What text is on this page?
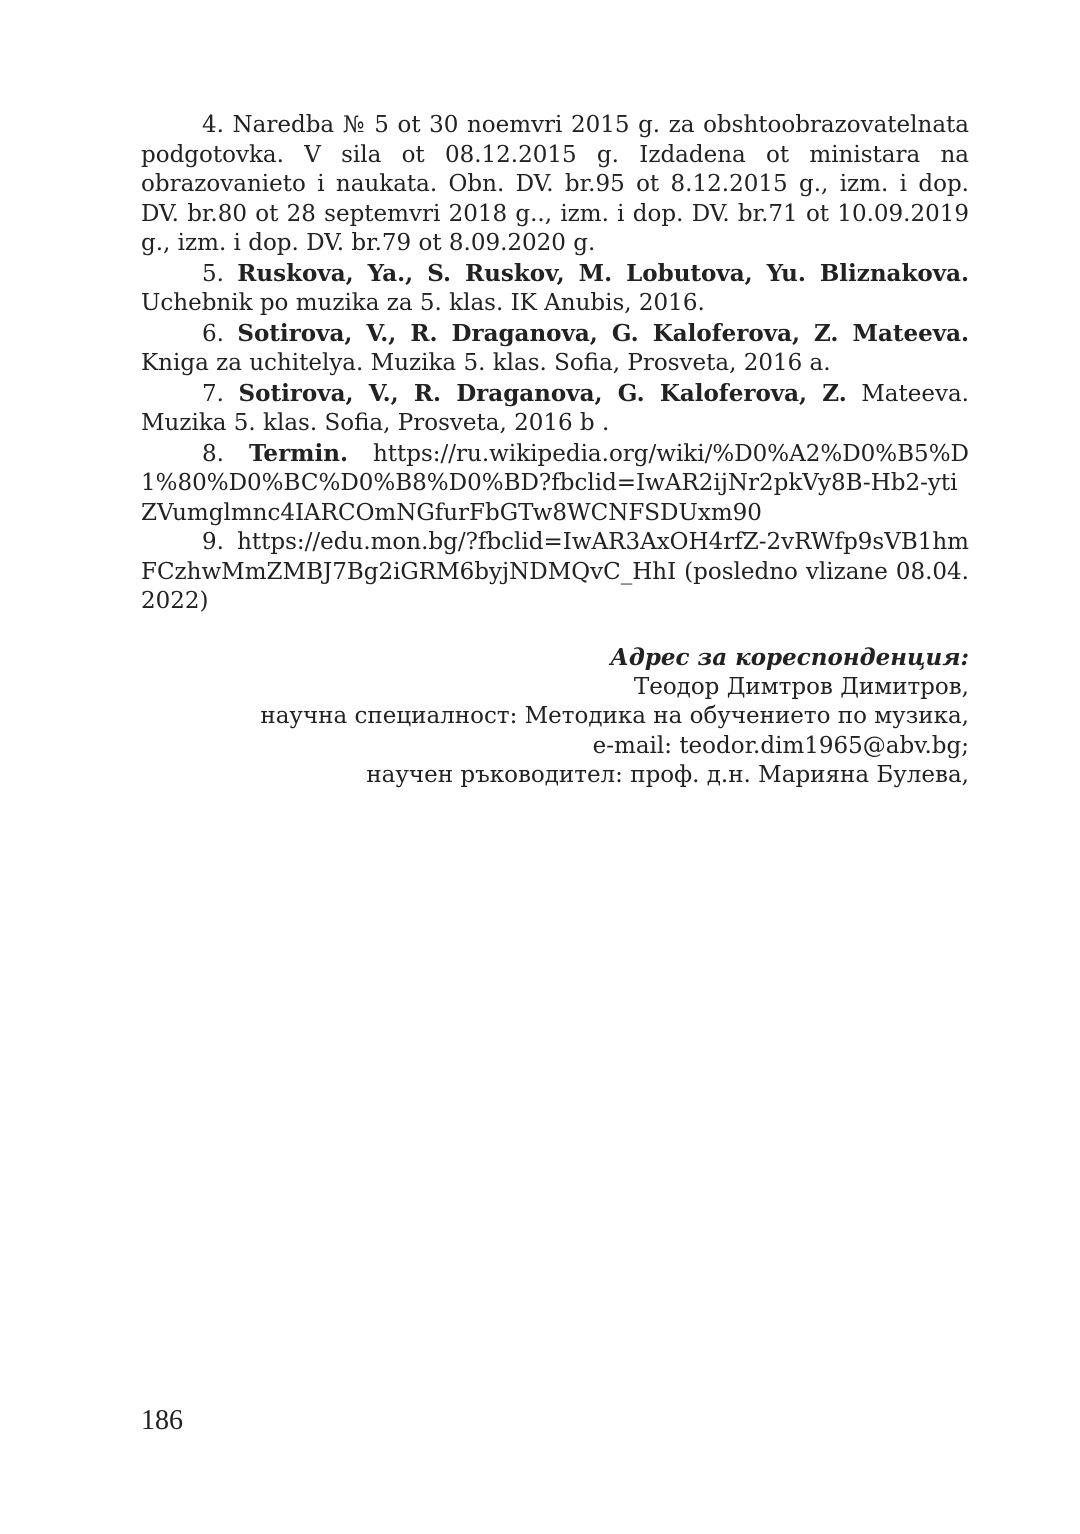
4. Naredba № 5 ot 30 noemvri 2015 g. za obshtoobrazovatelnata podgotovka. V sila ot 08.12.2015 g. Izdadena ot ministara na obrazovanieto i naukata. Obn. DV. br.95 ot 8.12.2015 g., izm. i dop. DV. br.80 ot 28 septemvri 2018 g.., izm. i dop. DV. br.71 ot 10.09.2019 g., izm. i dop. DV. br.79 ot 8.09.2020 g.

5. Ruskova, Ya., S. Ruskov, M. Lobutova, Yu. Bliznakova. Uchebnik po muzika za 5. klas. IK Anubis, 2016.

6. Sotirova, V., R. Draganova, G. Kaloferova, Z. Mateeva. Kniga za uchitelya. Muzika 5. klas. Sofia, Prosveta, 2016 a.

7. Sotirova, V., R. Draganova, G. Kaloferova, Z. Mateeva. Muzika 5. klas. Sofia, Prosveta, 2016 b .

8. Termin. https://ru.wikipedia.org/wiki/%D0%A2%D0%B5%D1%80%D0%BC%D0%B8%D0%BD?fbclid=IwAR2ijNr2pkVy8B-Hb2-ytiZVumglmnc4IARCOmNGfurFbGTw8WCNFSDUxm90

9. https://edu.mon.bg/?fbclid=IwAR3AxOH4rfZ-2vRWfp9sVB1hmFCzhwMmZMBJ7Bg2iGRM6byjNDMQvC_HhI (posledno vlizane 08.04.2022)

Адрес за кореспонденция:
Теодор Димтров Димитров,
научна специалност: Методика на обучението по музика,
e-mail: teodor.dim1965@abv.bg;
научен ръководител: проф. д.н. Марияна Булева,
186
